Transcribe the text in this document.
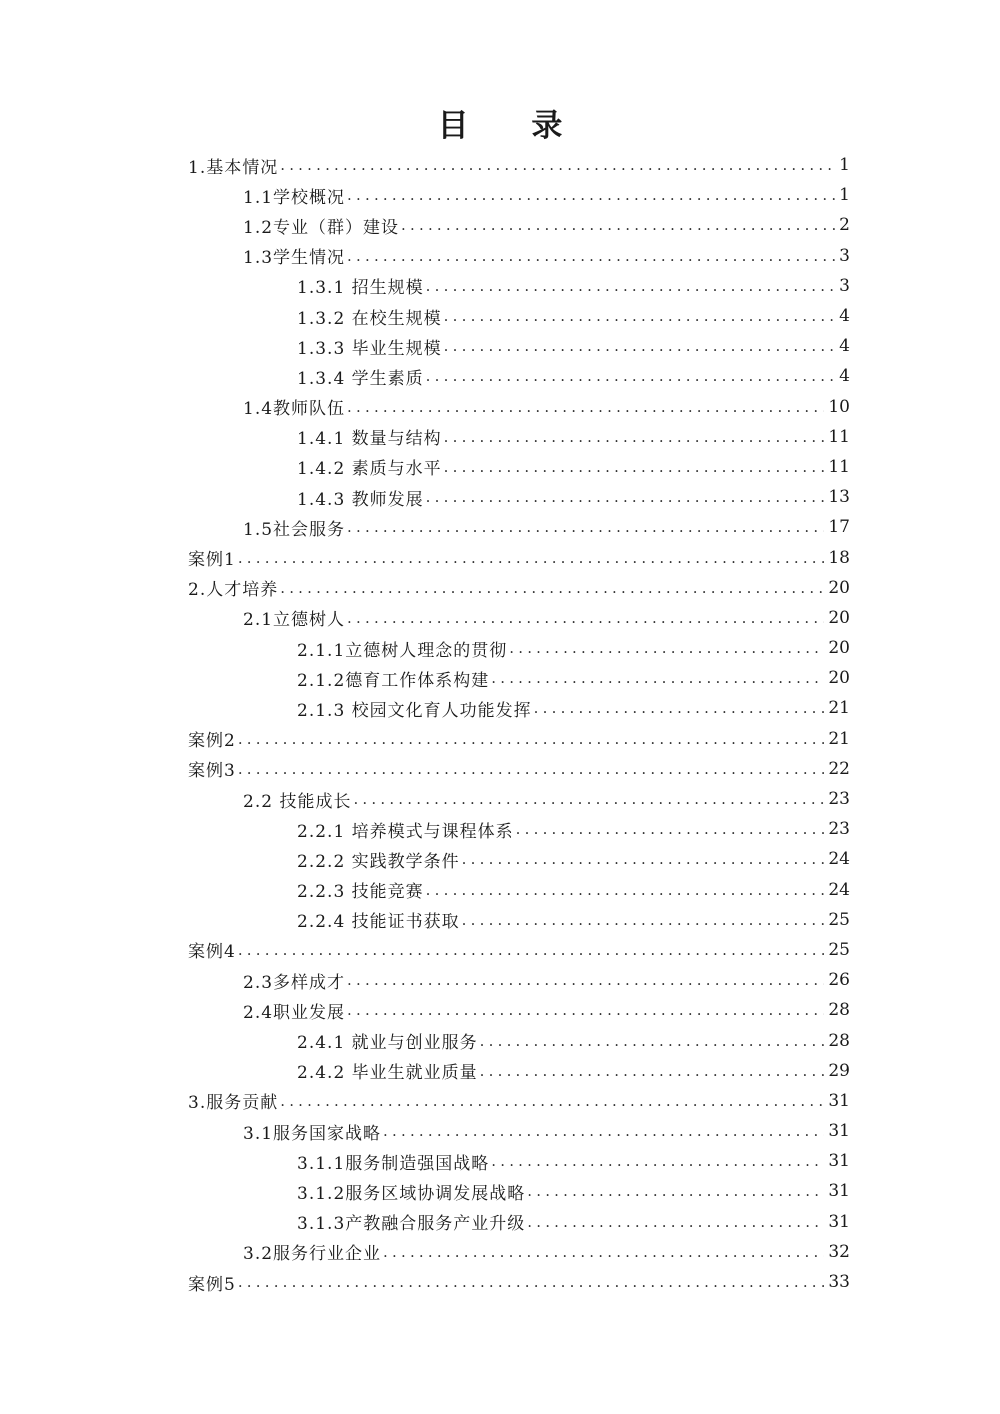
目 录
1.基本情况 .....	1
1.1学校概况 .....	1
1.2专业（群）建设 .....	2
1.3学生情况 .....	3
1.3.1 招生规模 .....	3
1.3.2 在校生规模 .....	4
1.3.3 毕业生规模 .....	4
1.3.4 学生素质 .....	4
1.4教师队伍 .....	10
1.4.1 数量与结构 .....	11
1.4.2 素质与水平 .....	11
1.4.3 教师发展 .....	13
1.5社会服务 .....	17
案例1 .....	18
2.人才培养 .....	20
2.1立德树人 .....	20
2.1.1立德树人理念的贯彻 .....	20
2.1.2德育工作体系构建 .....	20
2.1.3 校园文化育人功能发挥 .....	21
案例2 .....	21
案例3 .....	22
2.2 技能成长 .....	23
2.2.1 培养模式与课程体系 .....	23
2.2.2 实践教学条件 .....	24
2.2.3 技能竞赛 .....	24
2.2.4 技能证书获取 .....	25
案例4 .....	25
2.3多样成才 .....	26
2.4职业发展 .....	28
2.4.1 就业与创业服务 .....	28
2.4.2 毕业生就业质量 .....	29
3.服务贡献 .....	31
3.1服务国家战略 .....	31
3.1.1服务制造强国战略 .....	31
3.1.2服务区域协调发展战略 .....	31
3.1.3产教融合服务产业升级 .....	31
3.2服务行业企业 .....	32
案例5 .....	33
